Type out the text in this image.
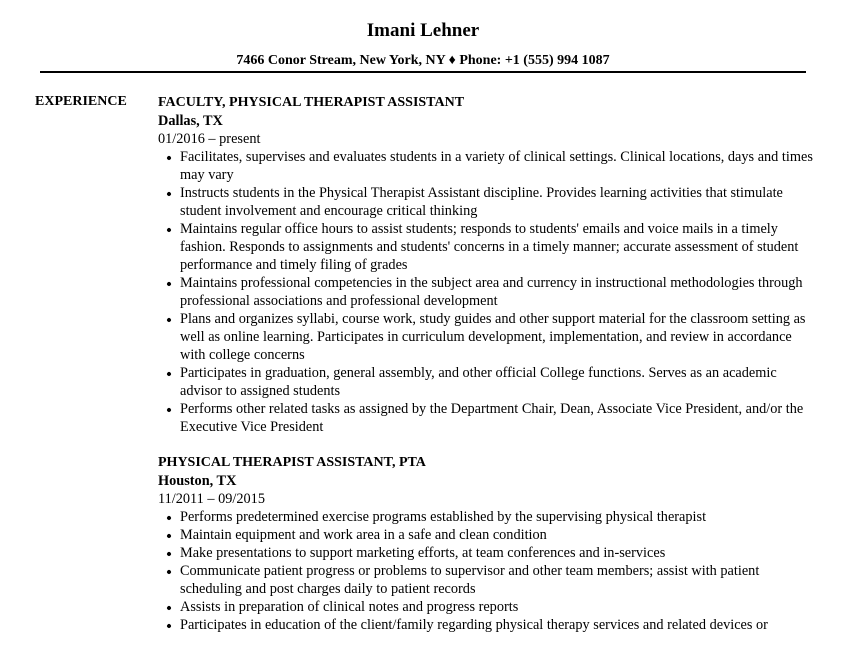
Imani Lehner
7466 Conor Stream, New York, NY ♦ Phone: +1 (555) 994 1087
EXPERIENCE FACULTY, PHYSICAL THERAPIST ASSISTANT
Dallas, TX
01/2016 – present
Facilitates, supervises and evaluates students in a variety of clinical settings. Clinical locations, days and times may vary
Instructs students in the Physical Therapist Assistant discipline. Provides learning activities that stimulate student involvement and encourage critical thinking
Maintains regular office hours to assist students; responds to students' emails and voice mails in a timely fashion. Responds to assignments and students' concerns in a timely manner; accurate assessment of student performance and timely filing of grades
Maintains professional competencies in the subject area and currency in instructional methodologies through professional associations and professional development
Plans and organizes syllabi, course work, study guides and other support material for the classroom setting as well as online learning. Participates in curriculum development, implementation, and review in accordance with college concerns
Participates in graduation, general assembly, and other official College functions. Serves as an academic advisor to assigned students
Performs other related tasks as assigned by the Department Chair, Dean, Associate Vice President, and/or the Executive Vice President
PHYSICAL THERAPIST ASSISTANT, PTA
Houston, TX
11/2011 – 09/2015
Performs predetermined exercise programs established by the supervising physical therapist
Maintain equipment and work area in a safe and clean condition
Make presentations to support marketing efforts, at team conferences and in-services
Communicate patient progress or problems to supervisor and other team members; assist with patient scheduling and post charges daily to patient records
Assists in preparation of clinical notes and progress reports
Participates in education of the client/family regarding physical therapy services and related devices or
